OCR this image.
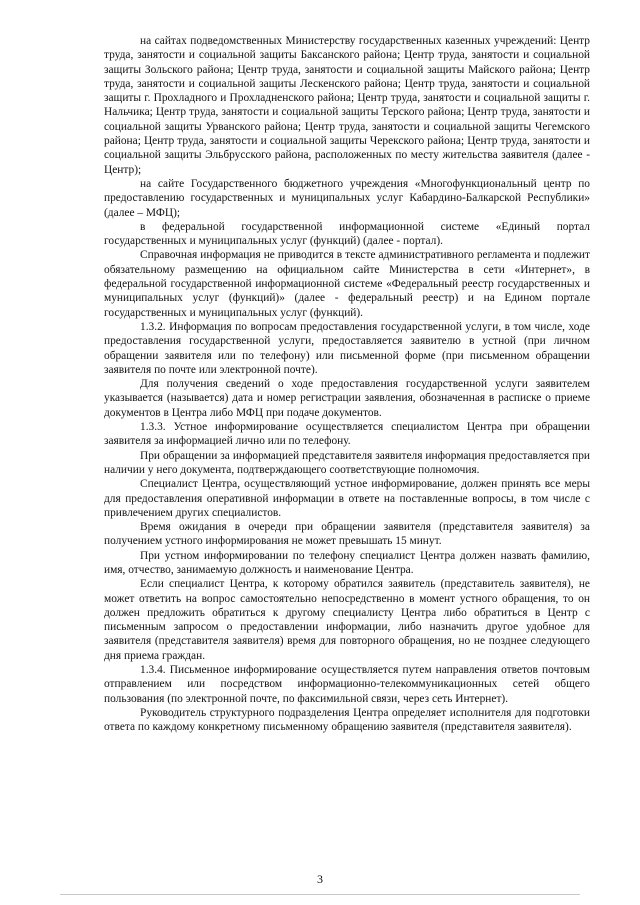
на сайтах подведомственных Министерству государственных казенных учреждений: Центр труда, занятости и социальной защиты Баксанского района; Центр труда, занятости и социальной защиты Зольского района; Центр труда, занятости и социальной защиты Майского района; Центр труда, занятости и социальной защиты Лескенского района; Центр труда, занятости и социальной защиты г. Прохладного и Прохладненского района; Центр труда, занятости и социальной защиты г. Нальчика; Центр труда, занятости и социальной защиты Терского района; Центр труда, занятости и социальной защиты Урванского района; Центр труда, занятости и социальной защиты Чегемского района; Центр труда, занятости и социальной защиты Черекского района; Центр труда, занятости и социальной защиты Эльбрусского района, расположенных по месту жительства заявителя (далее - Центр);

на сайте Государственного бюджетного учреждения «Многофункциональный центр по предоставлению государственных и муниципальных услуг Кабардино-Балкарской Республики» (далее – МФЦ);

в федеральной государственной информационной системе «Единый портал государственных и муниципальных услуг (функций) (далее - портал).

Справочная информация не приводится в тексте административного регламента и подлежит обязательному размещению на официальном сайте Министерства в сети «Интернет», в федеральной государственной информационной системе «Федеральный реестр государственных и муниципальных услуг (функций)» (далее - федеральный реестр) и на Едином портале государственных и муниципальных услуг (функций).

1.3.2. Информация по вопросам предоставления государственной услуги, в том числе, ходе предоставления государственной услуги, предоставляется заявителю в устной (при личном обращении заявителя или по телефону) или письменной форме (при письменном обращении заявителя по почте или электронной почте).

Для получения сведений о ходе предоставления государственной услуги заявителем указывается (называется) дата и номер регистрации заявления, обозначенная в расписке о приеме документов в Центра либо МФЦ при подаче документов.

1.3.3. Устное информирование осуществляется специалистом Центра при обращении заявителя за информацией лично или по телефону.

При обращении за информацией представителя заявителя информация предоставляется при наличии у него документа, подтверждающего соответствующие полномочия.

Специалист Центра, осуществляющий устное информирование, должен принять все меры для предоставления оперативной информации в ответе на поставленные вопросы, в том числе с привлечением других специалистов.

Время ожидания в очереди при обращении заявителя (представителя заявителя) за получением устного информирования не может превышать 15 минут.

При устном информировании по телефону специалист Центра должен назвать фамилию, имя, отчество, занимаемую должность и наименование Центра.

Если специалист Центра, к которому обратился заявитель (представитель заявителя), не может ответить на вопрос самостоятельно непосредственно в момент устного обращения, то он должен предложить обратиться к другому специалисту Центра либо обратиться в Центр с письменным запросом о предоставлении информации, либо назначить другое удобное для заявителя (представителя заявителя) время для повторного обращения, но не позднее следующего дня приема граждан.

1.3.4. Письменное информирование осуществляется путем направления ответов почтовым отправлением или посредством информационно-телекоммуникационных сетей общего пользования (по электронной почте, по факсимильной связи, через сеть Интернет).

Руководитель структурного подразделения Центра определяет исполнителя для подготовки ответа по каждому конкретному письменному обращению заявителя (представителя заявителя).

3
